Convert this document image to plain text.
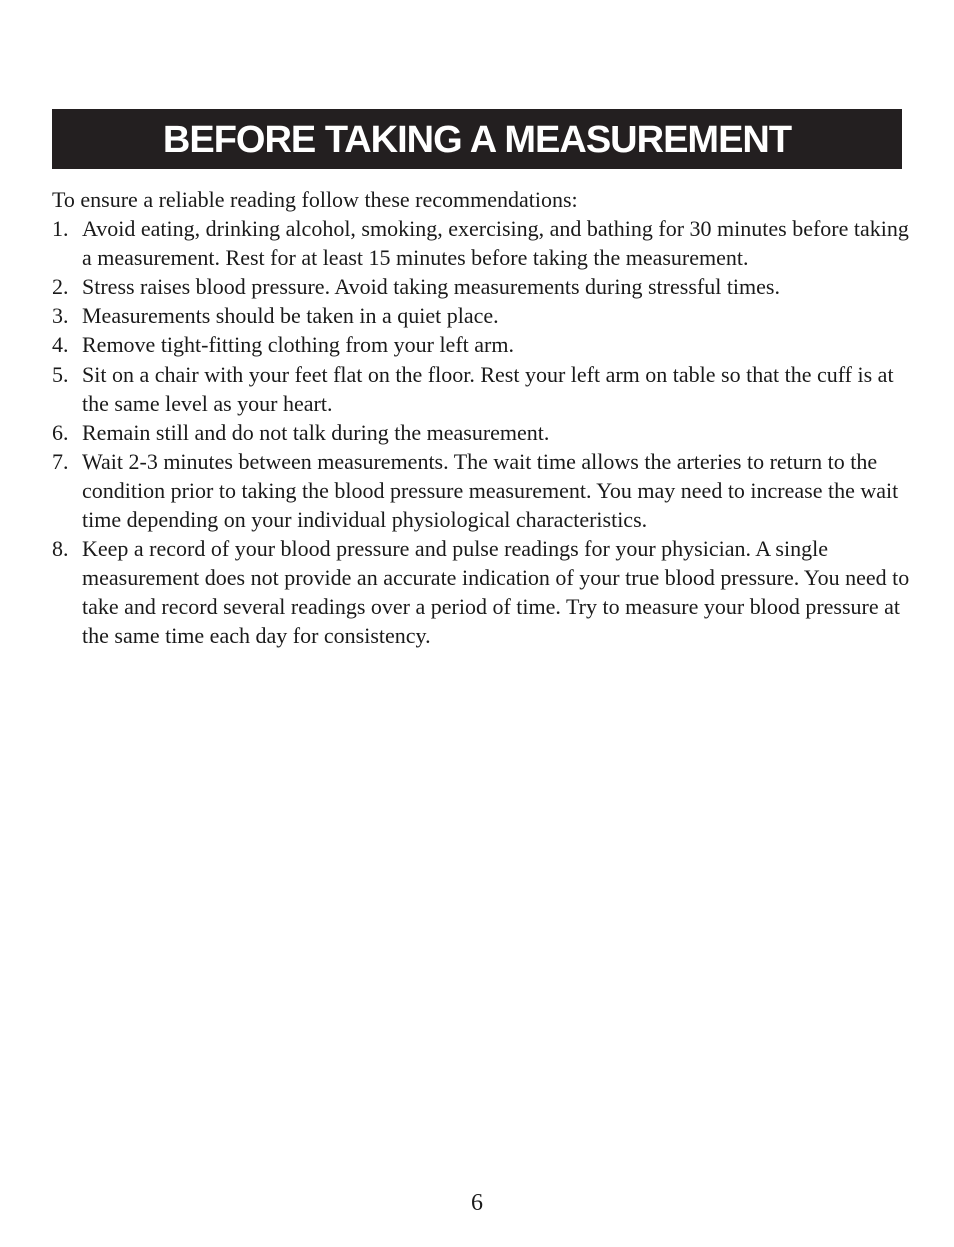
BEFORE TAKING A MEASUREMENT

To ensure a reliable reading follow these recommendations:

1. Avoid eating, drinking alcohol, smoking, exercising, and bathing for 30 minutes before taking a measurement. Rest for at least 15 minutes before taking the measurement.
2. Stress raises blood pressure. Avoid taking measurements during stressful times.
3. Measurements should be taken in a quiet place.
4. Remove tight-fitting clothing from your left arm.
5. Sit on a chair with your feet flat on the floor. Rest your left arm on table so that the cuff is at the same level as your heart.
6. Remain still and do not talk during the measurement.
7. Wait 2-3 minutes between measurements. The wait time allows the arteries to return to the condition prior to taking the blood pressure measurement. You may need to increase the wait time depending on your individual physiological characteristics.
8. Keep a record of your blood pressure and pulse readings for your physician. A single measurement does not provide an accurate indication of your true blood pressure. You need to take and record several readings over a period of time. Try to measure your blood pressure at the same time each day for consistency.
6
